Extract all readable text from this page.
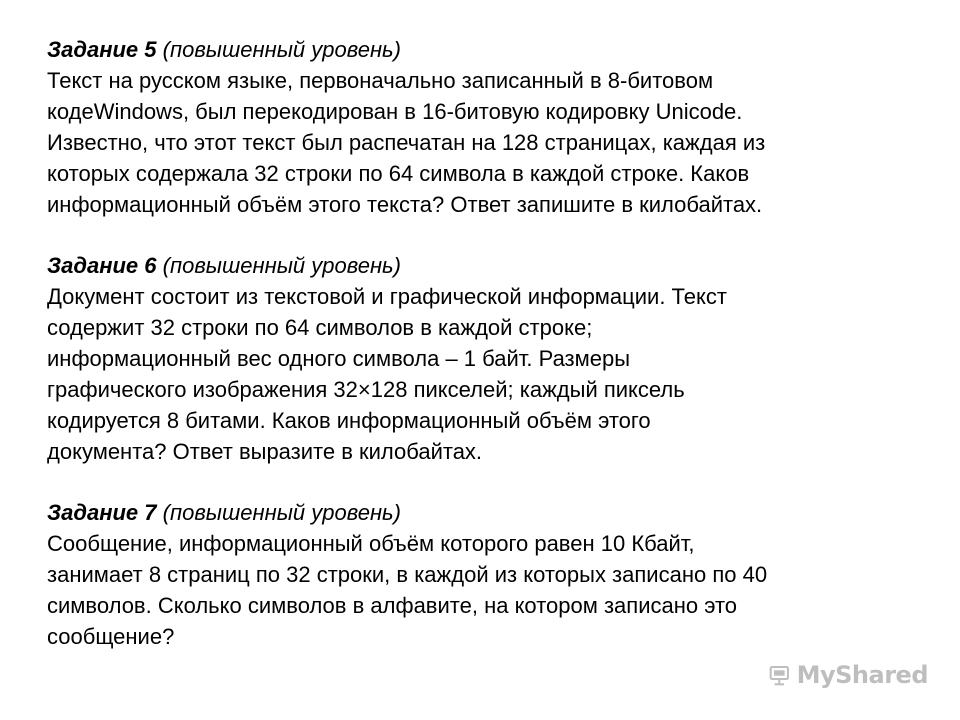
Задание 5 (повышенный уровень)

Текст на русском языке, первоначально записанный в 8-битовом

кодеWindows, был перекодирован в 16-битовую кодировку Unicode.

Известно, что этот текст был распечатан на 128 страницах, каждая из

которых содержала 32 строки по 64 символа в каждой строке. Каков

информационный объём этого текста? Ответ запишите в килобайтах.

Задание 6 (повышенный уровень)

Документ состоит из текстовой и графической информации. Текст

содержит 32 строки по 64 символов в каждой строке;

информационный вес одного символа – 1 байт. Размеры

графического изображения 32×128 пикселей; каждый пиксель

кодируется 8 битами. Каков информационный объём этого

документа? Ответ выразите в килобайтах.

Задание 7 (повышенный уровень)

Сообщение, информационный объём которого равен 10 Кбайт,

занимает 8 страниц по 32 строки, в каждой из которых записано по 40

символов. Сколько символов в алфавите, на котором записано это

сообщение?

MyShared
